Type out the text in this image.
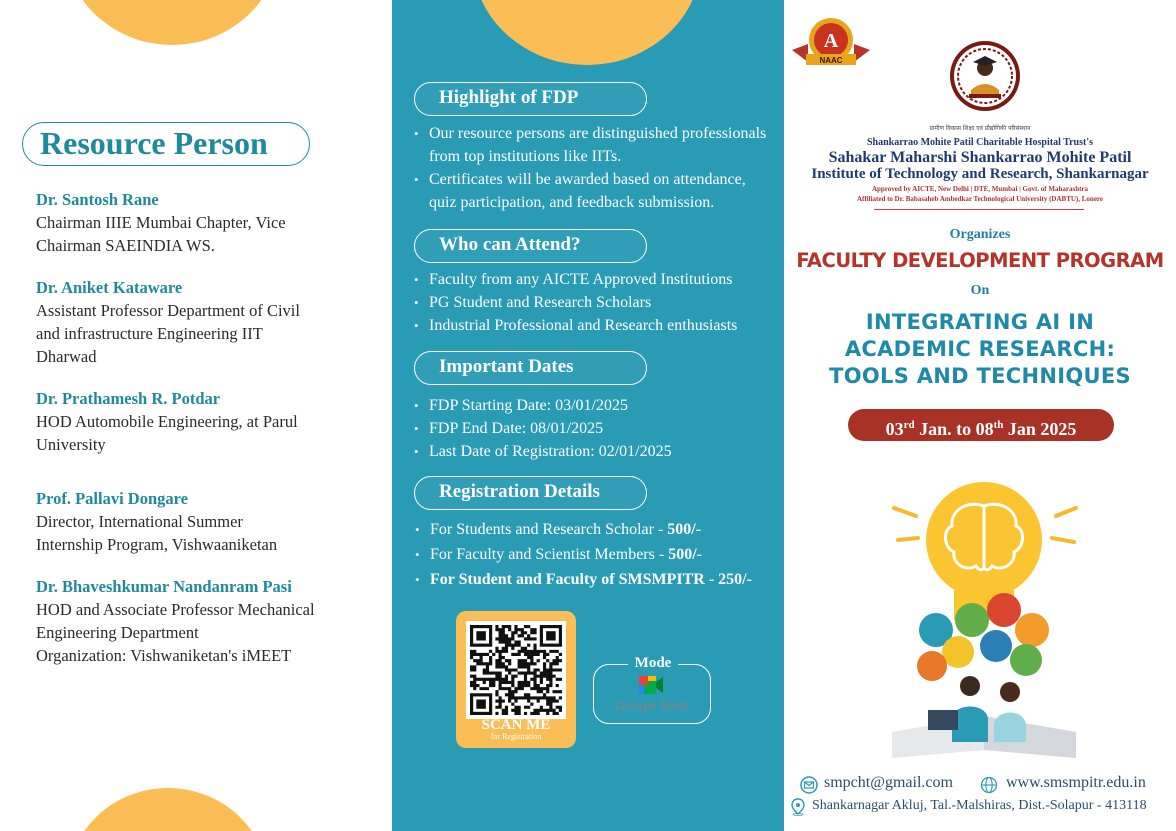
Resource Person
Dr. Santosh Rane
Chairman IIIE Mumbai Chapter, Vice
Chairman SAEINDIA WS.
Dr. Aniket Kataware
Assistant Professor Department of Civil
and infrastructure Engineering IIT
Dharwad
Dr. Prathamesh R. Potdar
HOD Automobile Engineering, at Parul
University
Prof. Pallavi Dongare
Director, International Summer
Internship Program, Vishwaaniketan
Dr. Bhaveshkumar Nandanram Pasi
HOD and Associate Professor Mechanical
Engineering Department
Organization: Vishwaniketan's iMEET
Highlight of FDP
• Our resource persons are distinguished professionals from top institutions like IITs.
• Certificates will be awarded based on attendance, quiz participation, and feedback submission.
Who can Attend?
• Faculty from any AICTE Approved Institutions
• PG Student and Research Scholars
• Industrial Professional and Research enthusiasts
Important Dates
• FDP Starting Date: 03/01/2025
• FDP End Date: 08/01/2025
• Last Date of Registration: 02/01/2025
Registration Details
• For Students and Research Scholar - 500/-
• For Faculty and Scientist Members - 500/-
• For Student and Faculty of SMSMPITR - 250/-
SCAN ME
for Registration
Mode
Google Meet
A
NAAC
ग्रामीण विकास शिक्षा एवं प्रौद्योगिकी परिसंस्थान
Shankarrao Mohite Patil Charitable Hospital Trust's
Sahakar Maharshi Shankarrao Mohite Patil
Institute of Technology and Research, Shankarnagar
Approved by AICTE, New Delhi | DTE, Mumbai | Govt. of Maharashtra
Affiliated to Dr. Babasaheb Ambedkar Technological University (DABTU), Lonere
Organizes
FACULTY DEVELOPMENT PROGRAM
On
INTEGRATING AI IN
ACADEMIC RESEARCH:
TOOLS AND TECHNIQUES
03rd Jan. to 08th Jan 2025
smpcht@gmail.com	www.smsmpitr.edu.in
Shankarnagar Akluj, Tal.-Malshiras, Dist.-Solapur - 413118
